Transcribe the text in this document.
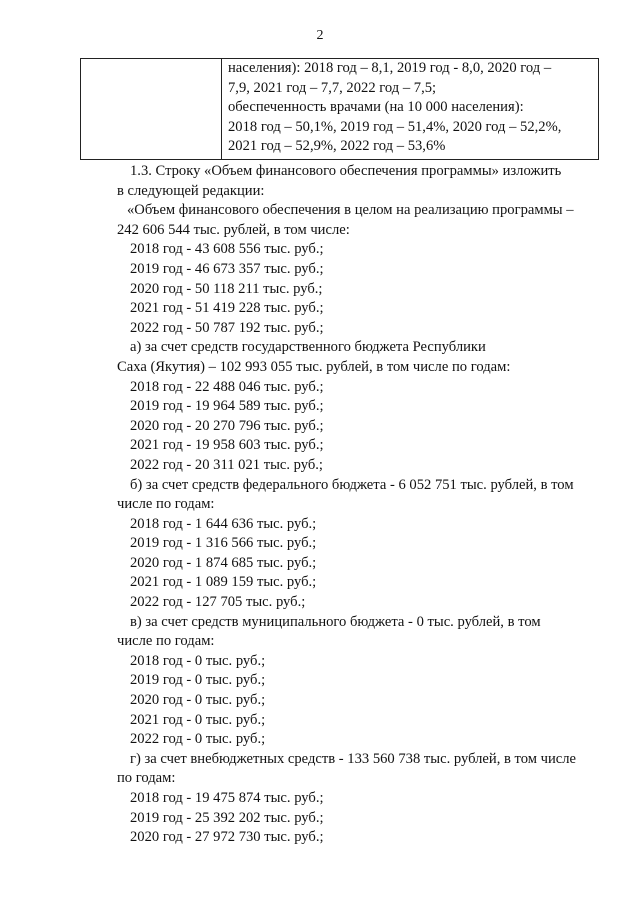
2

населения): 2018 год – 8,1, 2019 год - 8,0, 2020 год –
7,9, 2021 год – 7,7, 2022 год – 7,5;
обеспеченность врачами (на 10 000 населения):
2018 год – 50,1%, 2019 год – 51,4%, 2020 год – 52,2%,
2021 год – 52,9%, 2022 год – 53,6%
1.3. Строку «Объем финансового обеспечения программы» изложить
в следующей редакции:
«Объем финансового обеспечения в целом на реализацию программы –
242 606 544 тыс. рублей, в том числе:
2018 год - 43 608 556 тыс. руб.;
2019 год - 46 673 357 тыс. руб.;
2020 год - 50 118 211 тыс. руб.;
2021 год - 51 419 228 тыс. руб.;
2022 год - 50 787 192 тыс. руб.;
а) за счет средств государственного бюджета Республики
Саха (Якутия) – 102 993 055 тыс. рублей, в том числе по годам:
2018 год - 22 488 046 тыс. руб.;
2019 год - 19 964 589 тыс. руб.;
2020 год - 20 270 796 тыс. руб.;
2021 год - 19 958 603 тыс. руб.;
2022 год - 20 311 021 тыс. руб.;
б) за счет средств федерального бюджета - 6 052 751 тыс. рублей, в том
числе по годам:
2018 год - 1 644 636 тыс. руб.;
2019 год - 1 316 566 тыс. руб.;
2020 год - 1 874 685 тыс. руб.;
2021 год - 1 089 159 тыс. руб.;
2022 год - 127 705 тыс. руб.;
в) за счет средств муниципального бюджета - 0 тыс. рублей, в том
числе по годам:
2018 год - 0 тыс. руб.;
2019 год - 0 тыс. руб.;
2020 год - 0 тыс. руб.;
2021 год - 0 тыс. руб.;
2022 год - 0 тыс. руб.;
г) за счет внебюджетных средств - 133 560 738 тыс. рублей, в том числе
по годам:
2018 год - 19 475 874 тыс. руб.;
2019 год - 25 392 202 тыс. руб.;
2020 год - 27 972 730 тыс. руб.;
